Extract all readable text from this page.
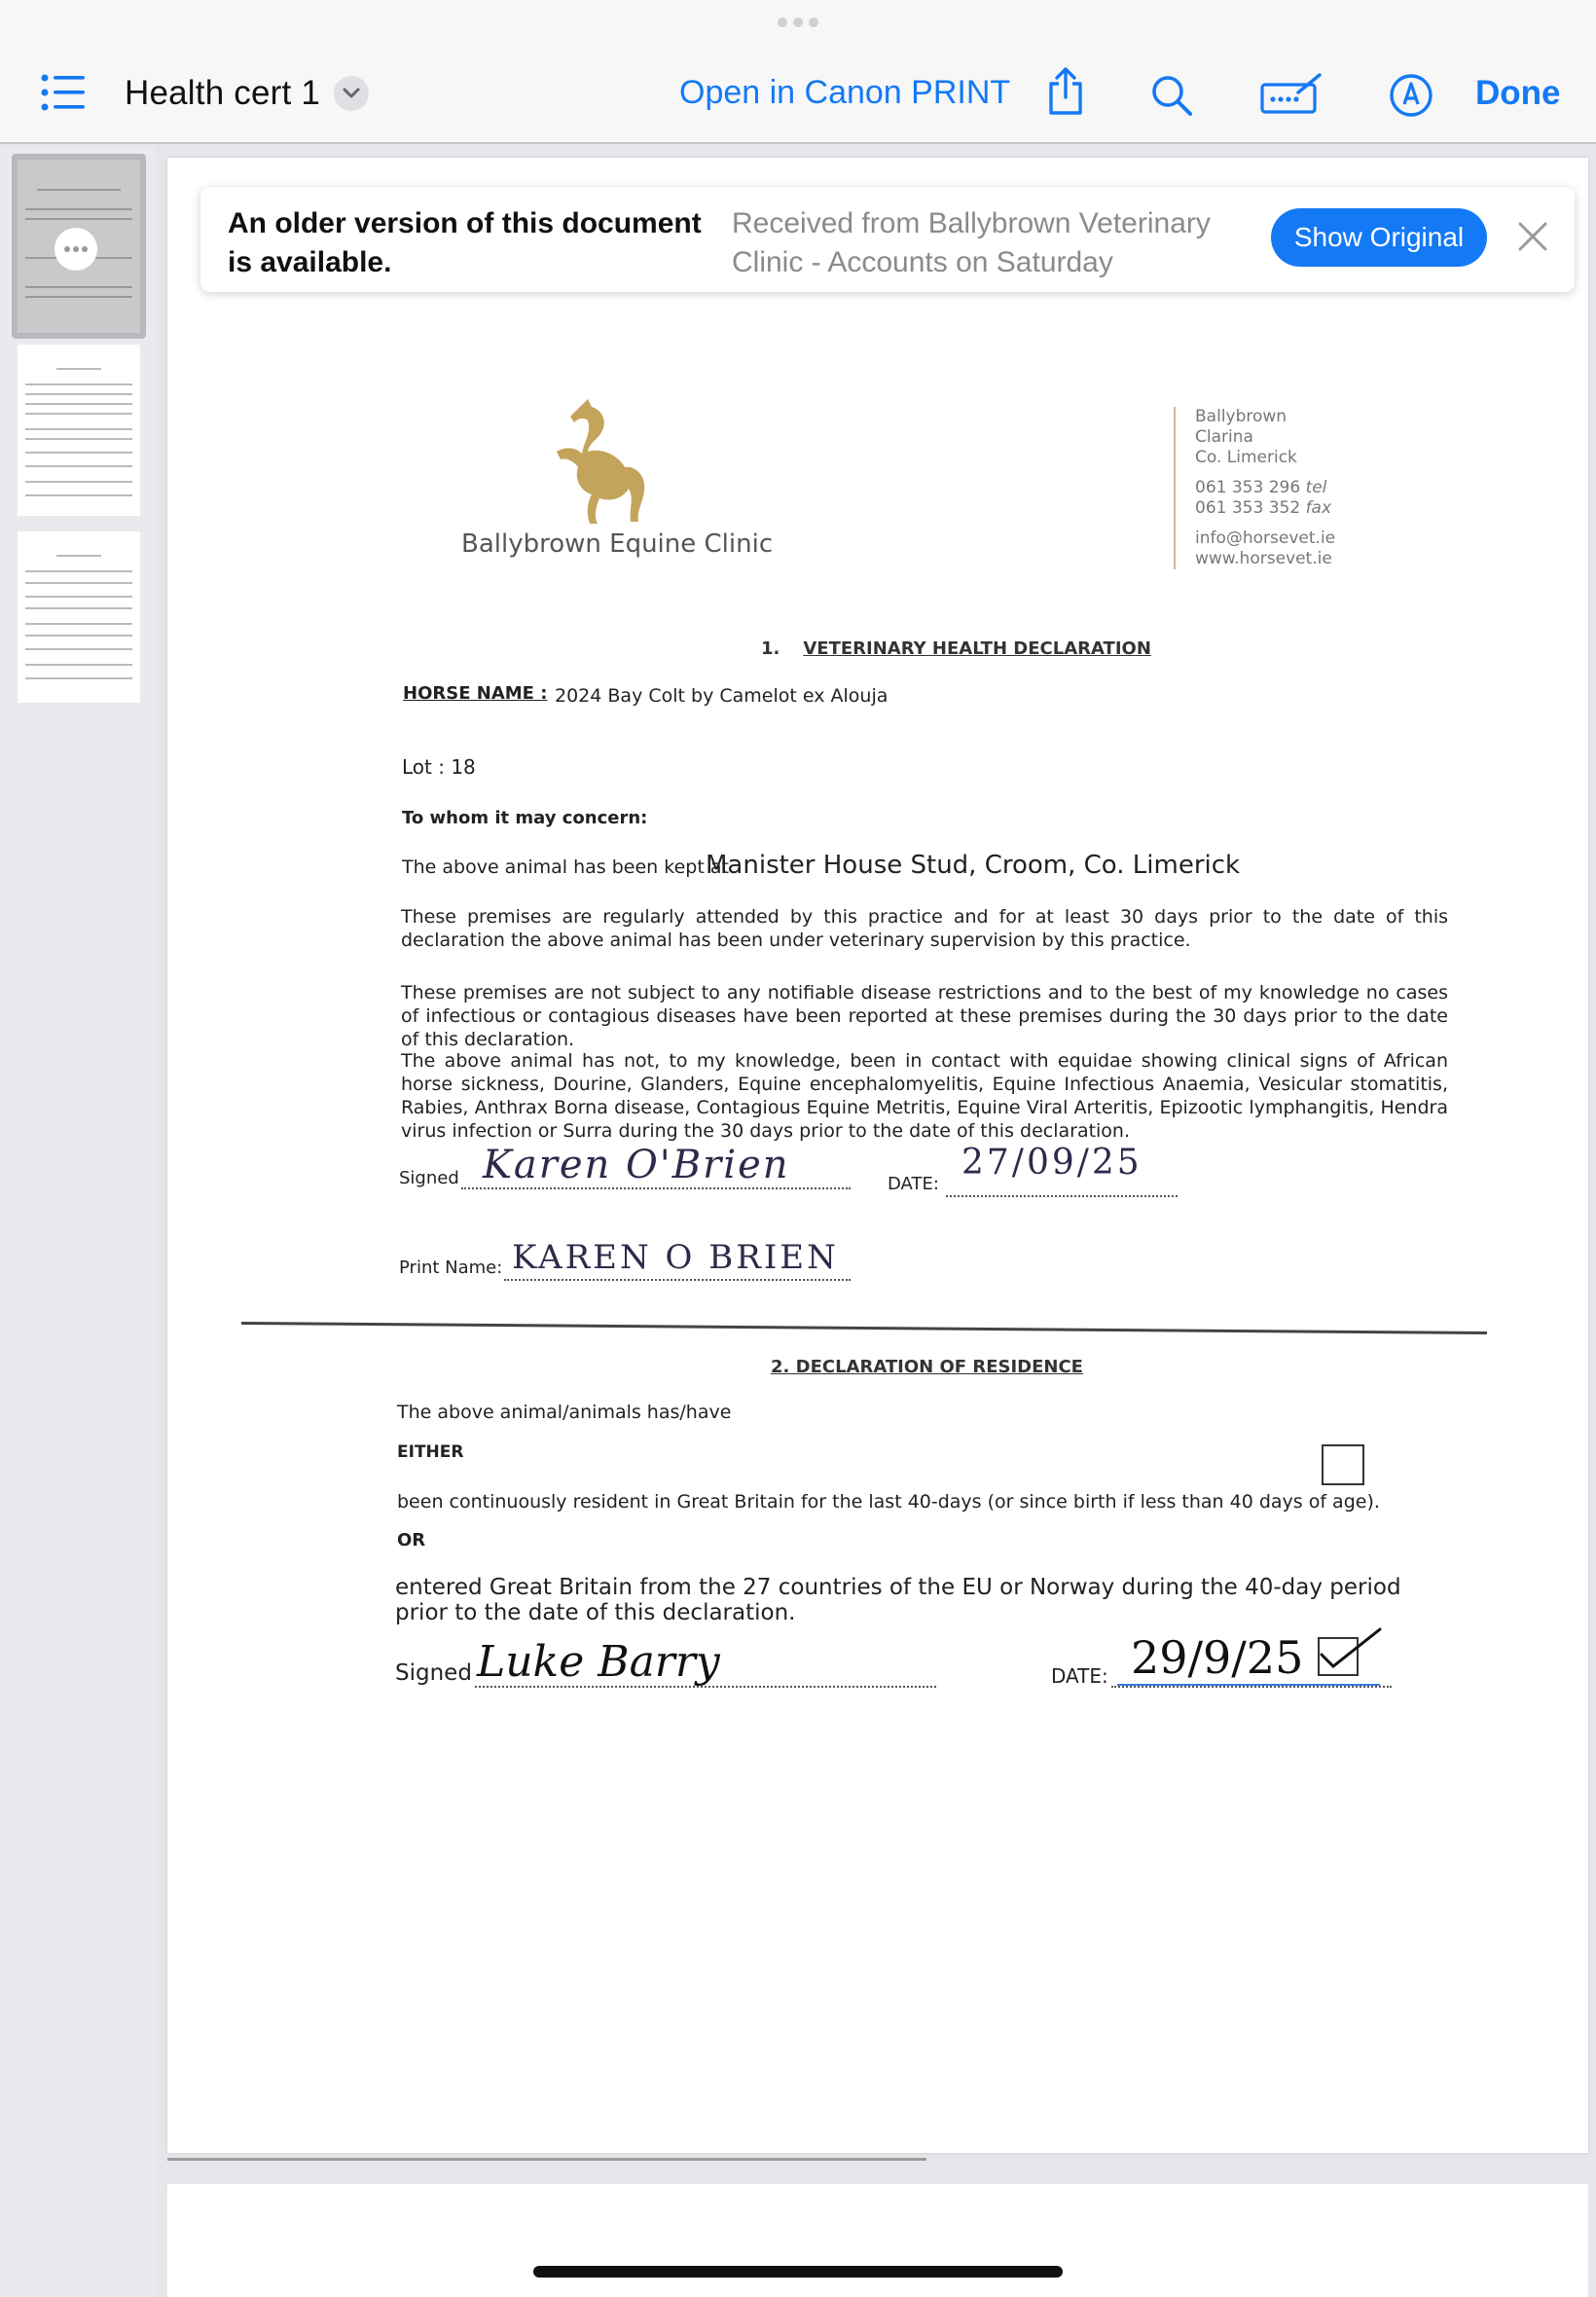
Health cert 1	Open in Canon PRINT	Done
Ballybrown Equine Clinic
Ballybrown
Clarina
Co. Limerick
061 353 296 tel
061 353 352 fax
info@horsevet.ie
www.horsevet.ie
1. VETERINARY HEALTH DECLARATION
HORSE NAME : 2024 Bay Colt by Camelot ex Alouja
Lot : 18
To whom it may concern:
The above animal has been kept at
Manister House Stud, Croom, Co. Limerick
These premises are regularly attended by this practice and for at least 30 days prior to the date of this declaration the above animal has been under veterinary supervision by this practice.
These premises are not subject to any notifiable disease restrictions and to the best of my knowledge no cases of infectious or contagious diseases have been reported at these premises during the 30 days prior to the date of this declaration.
The above animal has not, to my knowledge, been in contact with equidae showing clinical signs of African horse sickness, Dourine, Glanders, Equine encephalomyelitis, Equine Infectious Anaemia, Vesicular stomatitis, Rabies, Anthrax Borna disease, Contagious Equine Metritis, Equine Viral Arteritis, Epizootic lymphangitis, Hendra virus infection or Surra during the 30 days prior to the date of this declaration.
Signed Karen O'Brien	DATE:
27/09/25
Print Name: KAREN O BRIEN
2. DECLARATION OF RESIDENCE
The above animal/animals has/have
EITHER
been continuously resident in Great Britain for the last 40-days (or since birth if less than 40 days of age).
OR
entered Great Britain from the 27 countries of the EU or Norway during the 40-day period prior to the date of this declaration.
Signed Luke Barry	DATE: 29/9/25
An older version of this document is available.
Received from Ballybrown Veterinary Clinic - Accounts on Saturday
Show Original
